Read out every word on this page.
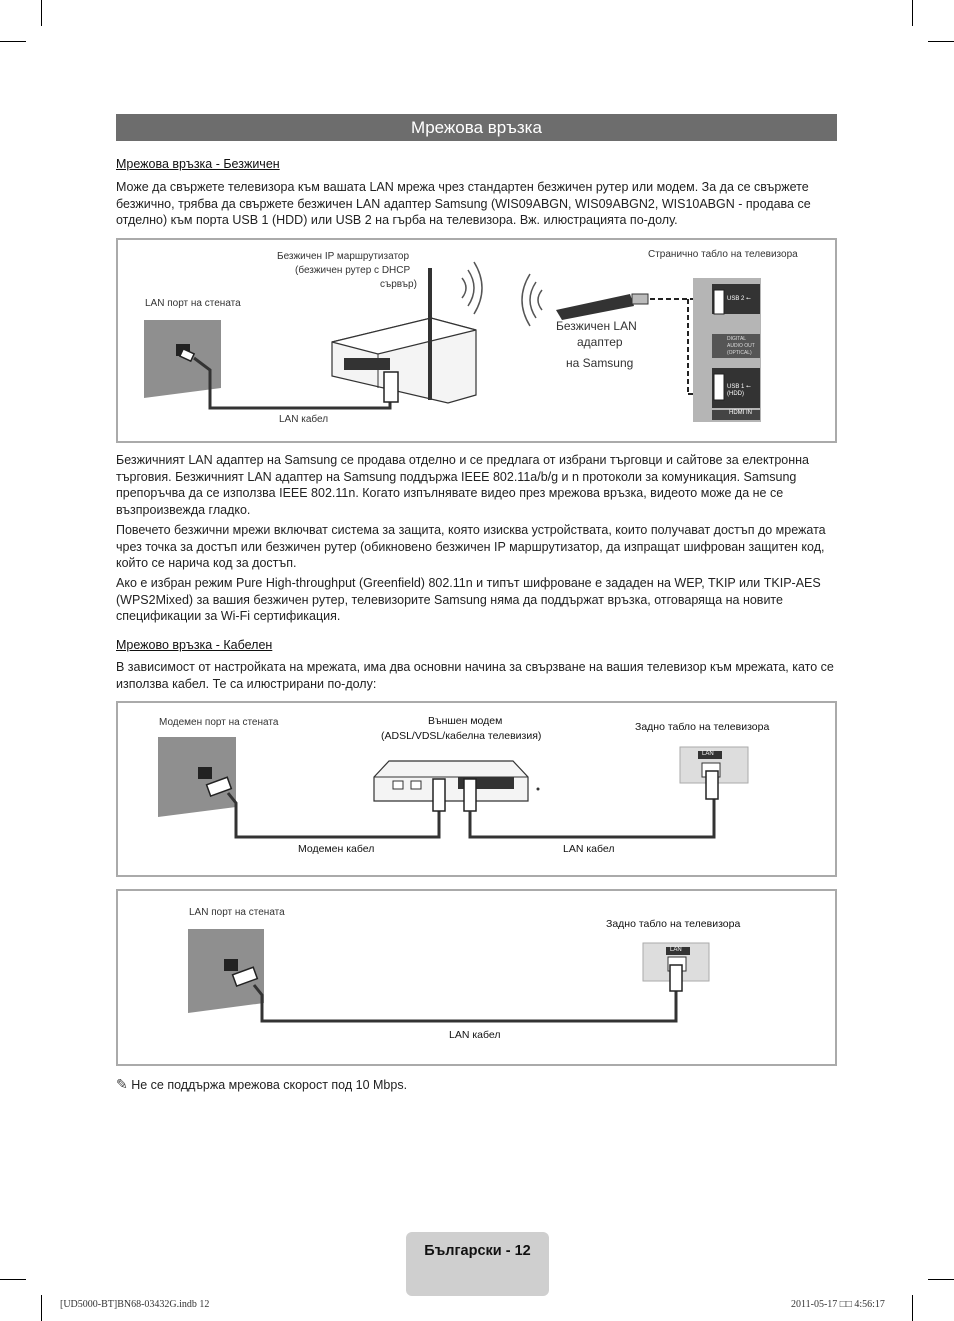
Мрежова връзка
Мрежова връзка - Безжичен

Може да свържете телевизора към вашата LAN мрежа чрез стандартен безжичен рутер или модем. За да се свържете безжично, трябва да свържете безжичен LAN адаптер Samsung (WIS09ABGN, WIS09ABGN2, WIS10ABGN - продава се отделно) към порта USB 1 (HDD) или USB 2 на гърба на телевизора. Вж. илюстрацията по-долу.

Безжичен IP маршрутизатор
(безжичен рутер с DHCP
сървър)
LAN порт на стената
LAN кабел
Безжичен LAN
адаптер
на Samsung
Странично табло на телевизора
USB 2 ⭠
DIGITAL
AUDIO OUT
(OPTICAL)
USB 1 ⭠
(HDD)
HDMI IN

Безжичният LAN адаптер на Samsung се продава отделно и се предлага от избрани търговци и сайтове за електронна търговия. Безжичният LAN адаптер на Samsung поддържа IEEE 802.11a/b/g и n протоколи за комуникация. Samsung препоръчва да се използва IEEE 802.11n. Когато изпълнявате видео през мрежова връзка, видеото може да не се възпроизвежда гладко.

Повечето безжични мрежи включват система за защита, която изисква устройствата, които получават достъп до мрежата чрез точка за достъп или безжичен рутер (обикновено безжичен IP маршрутизатор, да изпращат шифрован защитен код, който се нарича код за достъп.

Ако е избран режим Pure High-throughput (Greenfield) 802.11n и типът шифроване е зададен на WEP, TKIP или TKIP-AES (WPS2Mixed) за вашия безжичен рутер, телевизорите Samsung няма да поддържат връзка, отговаряща на новите спецификации за Wi-Fi сертификация.

Мрежово връзка - Кабелен

В зависимост от настройката на мрежата, има два основни начина за свързване на вашия телевизор към мрежата, като се използва кабел. Те са илюстрирани по-долу:

Модемен порт на стената	Външен модем
(ADSL/VDSL/кабелна телевизия)
Задно табло на телевизора
Модемен кабел	LAN кабел
LAN
LAN порт на стената
Задно табло на телевизора
LAN кабел
LAN
✎ Не се поддържа мрежова скорост под 10 Mbps.
Български - 12
[UD5000-BT]BN68-03432G.indb 12	2011-05-17 □□ 4:56:17
